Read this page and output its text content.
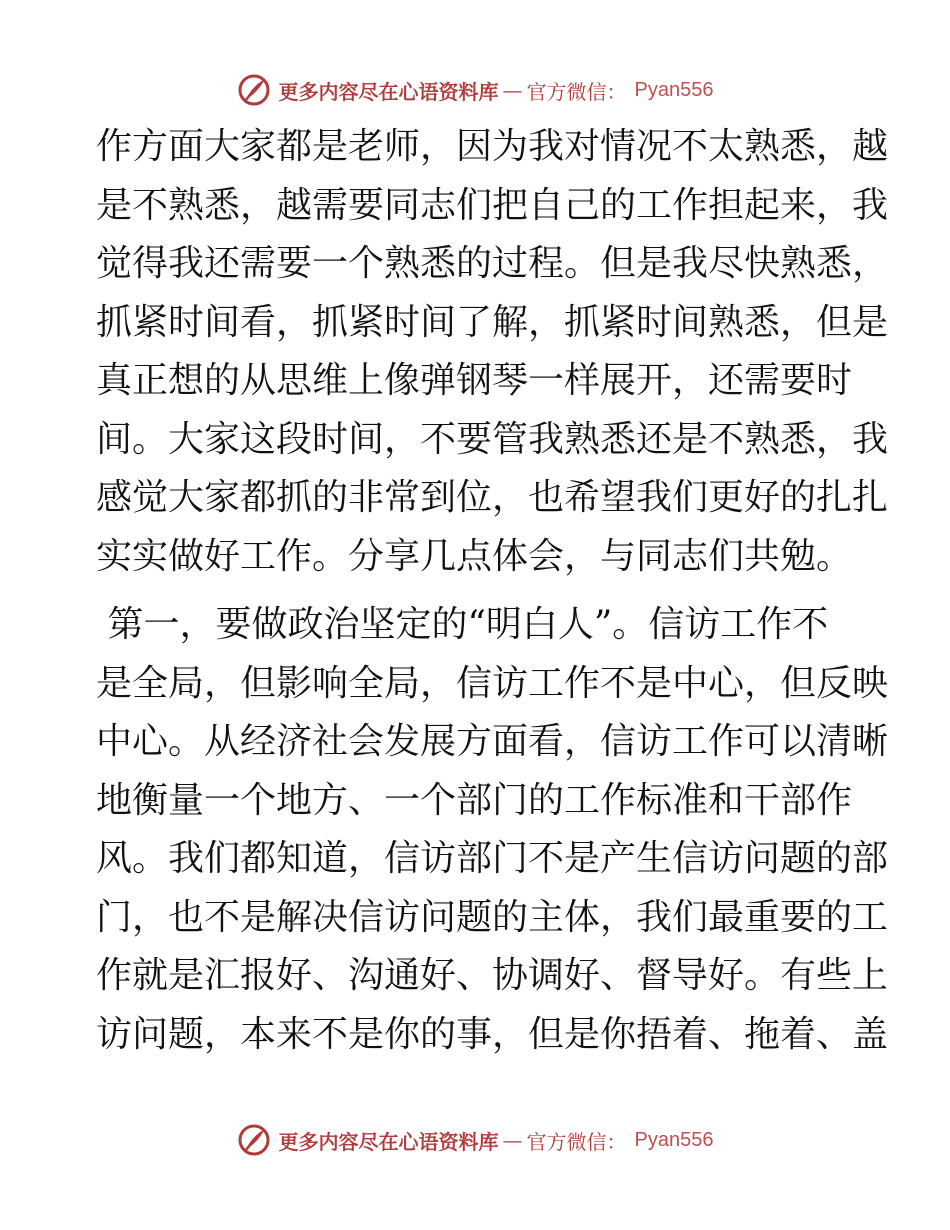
更多内容尽在心语资料库 — 官方微信： Pyan556
作方面大家都是老师，因为我对情况不太熟悉，越
是不熟悉，越需要同志们把自己的工作担起来，我
觉得我还需要一个熟悉的过程。但是我尽快熟悉，
抓紧时间看，抓紧时间了解，抓紧时间熟悉，但是
真正想的从思维上像弹钢琴一样展开，还需要时
间。大家这段时间，不要管我熟悉还是不熟悉，我
感觉大家都抓的非常到位，也希望我们更好的扎扎
实实做好工作。分享几点体会，与同志们共勉。
第一，要做政治坚定的“明白人”。信访工作不
是全局，但影响全局，信访工作不是中心，但反映
中心。从经济社会发展方面看，信访工作可以清晰
地衡量一个地方、一个部门的工作标准和干部作
风。我们都知道，信访部门不是产生信访问题的部
门，也不是解决信访问题的主体，我们最重要的工
作就是汇报好、沟通好、协调好、督导好。有些上
访问题，本来不是你的事，但是你捂着、拖着、盖
更多内容尽在心语资料库 — 官方微信： Pyan556
